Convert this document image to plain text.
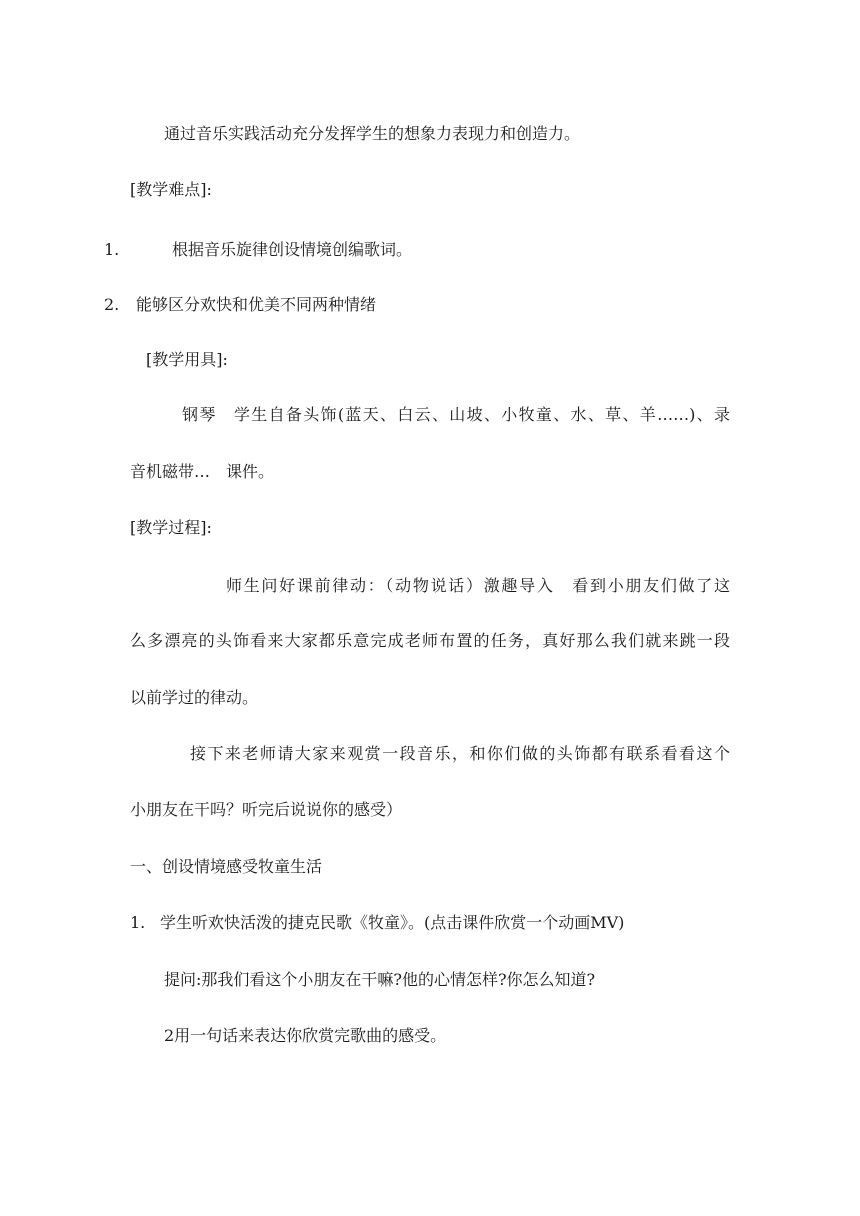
通过音乐实践活动充分发挥学生的想象力表现力和创造力。

[教学难点]:

1.	根据音乐旋律创设情境创编歌词。

2. 能够区分欢快和优美不同两种情绪

[教学用具]:

钢琴　学生自备头饰(蓝天、白云、山坡、小牧童、水、草、羊……)、录

音机磁带…　课件。

[教学过程]:

师生问好课前律动：（动物说话）激趣导入　看到小朋友们做了这

么多漂亮的头饰看来大家都乐意完成老师布置的任务，真好那么我们就来跳一段

以前学过的律动。

接下来老师请大家来观赏一段音乐，和你们做的头饰都有联系看看这个

小朋友在干吗？听完后说说你的感受）

一、创设情境感受牧童生活

1. 学生听欢快活泼的捷克民歌《牧童》。(点击课件欣赏一个动画MV)

提问:那我们看这个小朋友在干嘛?他的心情怎样?你怎么知道?

2用一句话来表达你欣赏完歌曲的感受。
